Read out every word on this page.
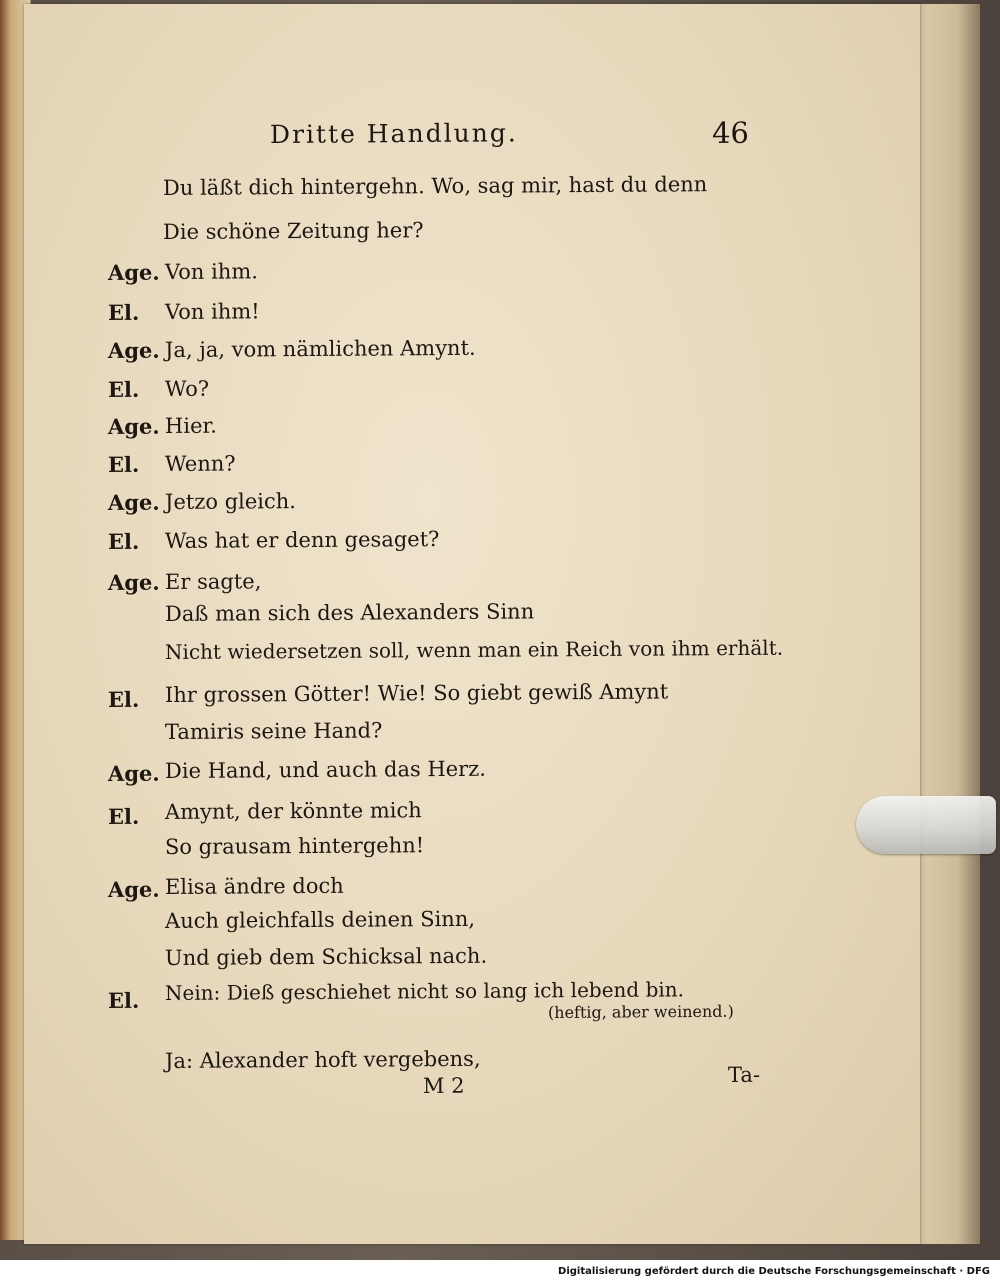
Dritte Handlung.	46
Du läßt dich hintergehn. Wo, sag mir, hast du denn
Die schöne Zeitung her?
Age. Von ihm.
El. Von ihm!
Age. Ja, ja, vom nämlichen Amynt.
El. Wo?
Age. Hier.
El. Wenn?
Age. Jetzo gleich.
El. Was hat er denn gesaget?
Age. Er sagte,
Daß man sich des Alexanders Sinn
Nicht wiedersetzen soll, wenn man ein Reich von ihm erhält.
El. Ihr grossen Götter! Wie! So giebt gewiß Amynt
Tamiris seine Hand?
Age. Die Hand, und auch das Herz.
El. Amynt, der könnte mich
So grausam hintergehn!
Age. Elisa ändre doch
Auch gleichfalls deinen Sinn,
Und gieb dem Schicksal nach.
El. Nein: Dieß geschiehet nicht so lang ich lebend bin.
(heftig, aber weinend.)
Ja: Alexander hoft vergebens,
M 2	Ta-
Digitalisierung gefördert durch die Deutsche Forschungsgemeinschaft · DFG
